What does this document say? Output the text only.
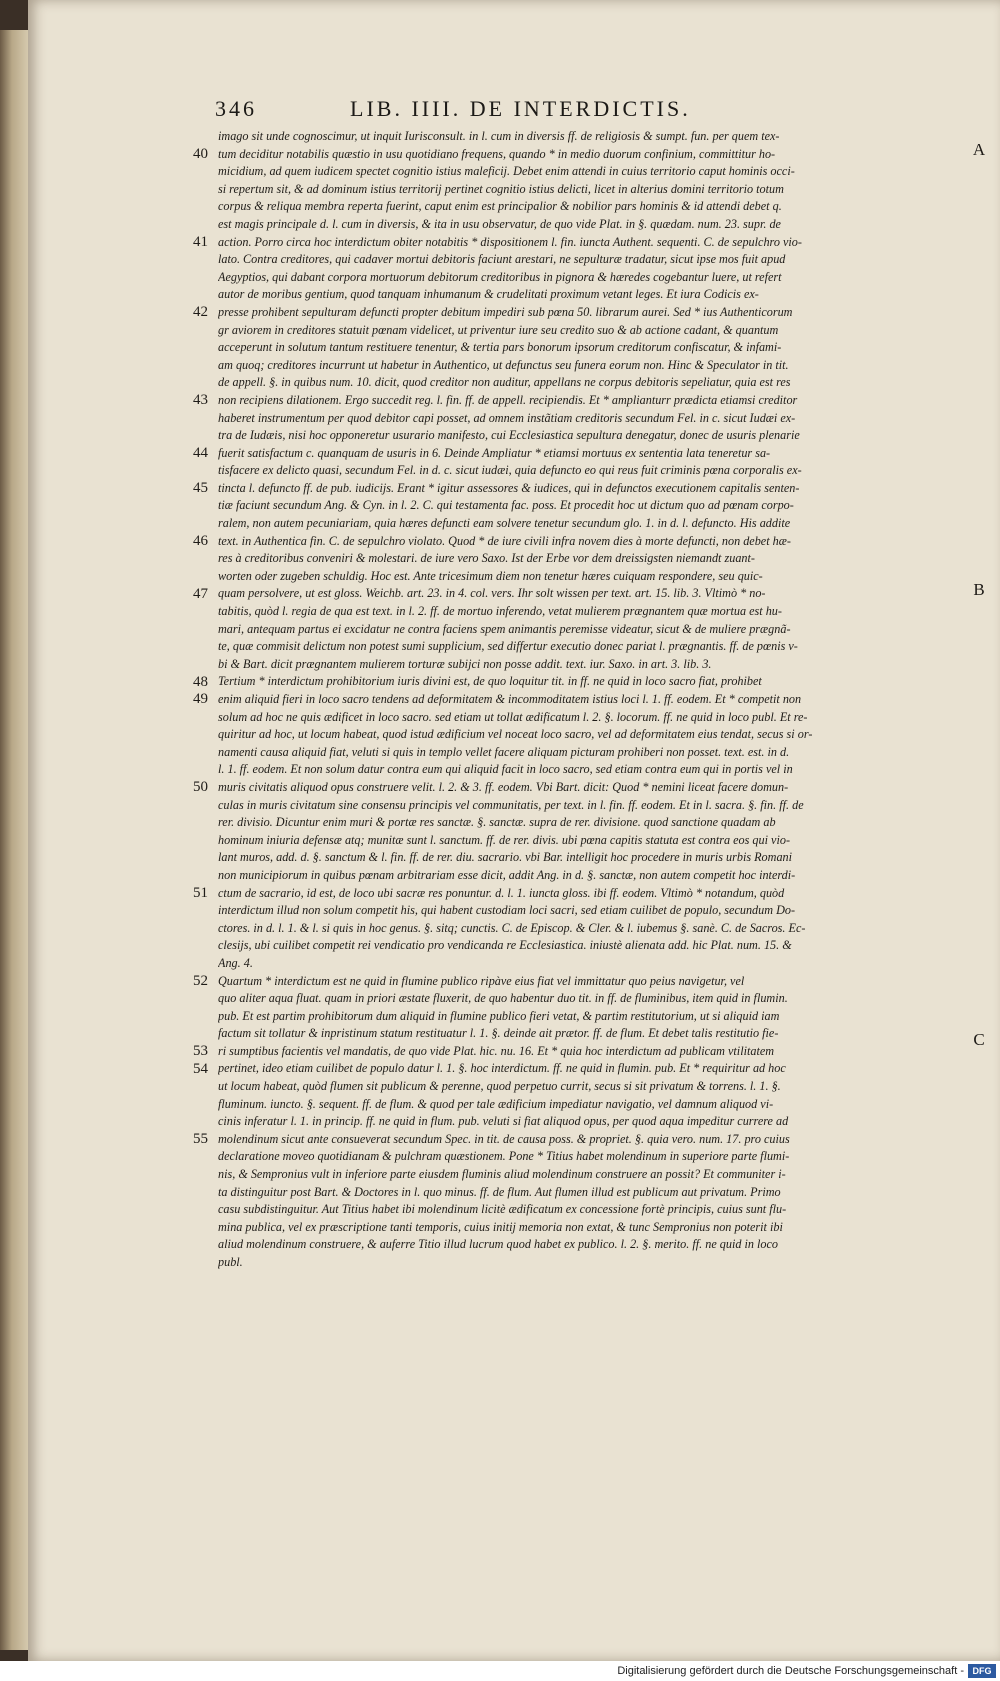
346	LIB. IIII. DE INTERDICTIS.
imago sit unde cognoscimur, ut inquit Iurisconsult. in l. cum in diversis ff. de religiosis & sumpt. fun. per quem tex-
tum deciditur notabilis quæstio in usu quotidiano frequens, quando * in medio duorum confinium, committitur ho-
micidium, ad quem iudicem spectet cognitio istius maleficij. Debet enim attendi in cuius territorio caput hominis occi-
si repertum sit, & ad dominum istius territorij pertinet cognitio istius delicti, licet in alterius domini territorio totum
corpus & reliqua membra reperta fuerint, caput enim est principalior & nobilior pars hominis & id attendi debet q.
est magis principale d. l. cum in diversis, & ita in usu observatur, de quo vide Plat. in §. quædam. num. 23. supr. de
action. Porro circa hoc interdictum obiter notabitis * dispositionem l. fin. iuncta Authent. sequenti. C. de sepulchro vio-
lato. Contra creditores, qui cadaver mortui debitoris faciunt arestari, ne sepulturæ tradatur, sicut ipse mos fuit apud
Aegyptios, qui dabant corpora mortuorum debitorum creditoribus in pignora & hæredes cogebantur luere, ut refert
autor de moribus gentium, quod tanquam inhumanum & crudelitati proximum vetant leges. Et iura Codicis ex-
presse prohibent sepulturam defuncti propter debitum impediri sub pœna 50. librarum aurei. Sed * ius Authenticorum
gr aviorem in creditores statuit pœnam videlicet, ut priventur iure seu credito suo & ab actione cadant, & quantum
acceperunt in solutum tantum restituere tenentur, & tertia pars bonorum ipsorum creditorum confiscatur, & infami-
am quoq; creditores incurrunt ut habetur in Authentico, ut defunctus seu funera eorum non. Hinc & Speculator in tit.
de appell. §. in quibus num. 10. dicit, quod creditor non auditur, appellans ne corpus debitoris sepeliatur, quia est res
non recipiens dilationem. Ergo succedit reg. l. fin. ff. de appell. recipiendis. Et * amplianturr prædicta etiamsi creditor
haberet instrumentum per quod debitor capi posset, ad omnem instãtiam creditoris secundum Fel. in c. sicut Iudæi ex-
tra de Iudæis, nisi hoc opponeretur usurario manifesto, cui Ecclesiastica sepultura denegatur, donec de usuris plenarie
fuerit satisfactum c. quanquam de usuris in 6. Deinde Ampliatur * etiamsi mortuus ex sententia lata teneretur sa-
tisfacere ex delicto quasi, secundum Fel. in d. c. sicut iudæi, quia defuncto eo qui reus fuit criminis pœna corporalis ex-
tincta l. defuncto ff. de pub. iudicijs. Erant * igitur assessores & iudices, qui in defunctos executionem capitalis senten-
tiæ faciunt secundum Ang. & Cyn. in l. 2. C. qui testamenta fac. poss. Et procedit hoc ut dictum quo ad pœnam corpo-
ralem, non autem pecuniariam, quia hæres defuncti eam solvere tenetur secundum glo. 1. in d. l. defuncto. His addite
text. in Authentica fin. C. de sepulchro violato. Quod * de iure civili infra novem dies à morte defuncti, non debet hæ-
res à creditoribus conveniri & molestari. de iure vero Saxo. Ist der Erbe vor dem dreissigsten niemandt zuant-
worten oder zugeben schuldig. Hoc est. Ante tricesimum diem non tenetur hæres cuiquam respondere, seu quic-
quam persolvere, ut est gloss. Weichb. art. 23. in 4. col. vers. Ihr solt wissen per text. art. 15. lib. 3. Vltimò * no-
tabitis, quòd l. regia de qua est text. in l. 2. ff. de mortuo inferendo, vetat mulierem prægnantem quæ mortua est hu-
mari, antequam partus ei excidatur ne contra faciens spem animantis peremisse videatur, sicut & de muliere prægnã-
te, quæ commisit delictum non potest sumi supplicium, sed differtur executio donec pariat l. prægnantis. ff. de pœnis v-
bi & Bart. dicit prægnantem mulierem torturæ subijci non posse addit. text. iur. Saxo. in art. 3. lib. 3.
Tertium * interdictum prohibitorium iuris divini est, de quo loquitur tit. in ff. ne quid in loco sacro fiat, prohibet
enim aliquid fieri in loco sacro tendens ad deformitatem & incommoditatem istius loci l. 1. ff. eodem. Et * competit non
solum ad hoc ne quis ædificet in loco sacro. sed etiam ut tollat ædificatum l. 2. §. locorum. ff. ne quid in loco publ. Et re-
quiritur ad hoc, ut locum habeat, quod istud ædificium vel noceat loco sacro, vel ad deformitatem eius tendat, secus si or-
namenti causa aliquid fiat, veluti si quis in templo vellet facere aliquam picturam prohiberi non posset. text. est. in d.
l. 1. ff. eodem. Et non solum datur contra eum qui aliquid facit in loco sacro, sed etiam contra eum qui in portis vel in
muris civitatis aliquod opus construere velit. l. 2. & 3. ff. eodem. Vbi Bart. dicit: Quod * nemini liceat facere domun-
culas in muris civitatum sine consensu principis vel communitatis, per text. in l. fin. ff. eodem. Et in l. sacra. §. fin. ff. de
rer. divisio. Dicuntur enim muri & portæ res sanctæ. §. sanctæ. supra de rer. divisione. quod sanctione quadam ab
hominum iniuria defensæ atq; munitæ sunt l. sanctum. ff. de rer. divis. ubi pœna capitis statuta est contra eos qui vio-
lant muros, add. d. §. sanctum & l. fin. ff. de rer. diu. sacrario. vbi Bar. intelligit hoc procedere in muris urbis Romani
non municipiorum in quibus pœnam arbitrariam esse dicit, addit Ang. in d. §. sanctæ, non autem competit hoc interdi-
ctum de sacrario, id est, de loco ubi sacræ res ponuntur. d. l. 1. iuncta gloss. ibi ff. eodem. Vltimò * notandum, quòd
interdictum illud non solum competit his, qui habent custodiam loci sacri, sed etiam cuilibet de populo, secundum Do-
ctores. in d. l. 1. & l. si quis in hoc genus. §. sitq; cunctis. C. de Episcop. & Cler. & l. iubemus §. sanè. C. de Sacros. Ec-
clesijs, ubi cuilibet competit rei vendicatio pro vendicanda re Ecclesiastica. iniustè alienata add. hic Plat. num. 15. &
Ang. 4.
Quartum * interdictum est ne quid in flumine publico ripàve eius fiat vel immittatur quo peius navigetur, vel
quo aliter aqua fluat. quam in priori æstate fluxerit, de quo habentur duo tit. in ff. de fluminibus, item quid in flumin.
pub. Et est partim prohibitorum dum aliquid in flumine publico fieri vetat, & partim restitutorium, ut si aliquid iam
factum sit tollatur & inpristinum statum restituatur l. 1. §. deinde ait prætor. ff. de flum. Et debet talis restitutio fie-
ri sumptibus facientis vel mandatis, de quo vide Plat. hic. nu. 16. Et * quia hoc interdictum ad publicam vtilitatem
pertinet, ideo etiam cuilibet de populo datur l. 1. §. hoc interdictum. ff. ne quid in flumin. pub. Et * requiritur ad hoc
ut locum habeat, quòd flumen sit publicum & perenne, quod perpetuo currit, secus si sit privatum & torrens. l. 1. §.
fluminum. iuncto. §. sequent. ff. de flum. & quod per tale ædificium impediatur navigatio, vel damnum aliquod vi-
cinis inferatur l. 1. in princip. ff. ne quid in flum. pub. veluti si fiat aliquod opus, per quod aqua impeditur currere ad
molendinum sicut ante consueverat secundum Spec. in tit. de causa poss. & propriet. §. quia vero. num. 17. pro cuius
declaratione moveo quotidianam & pulchram quæstionem. Pone * Titius habet molendinum in superiore parte flumi-
nis, & Sempronius vult in inferiore parte eiusdem fluminis aliud molendinum construere an possit? Et communiter i-
ta distinguitur post Bart. & Doctores in l. quo minus. ff. de flum. Aut flumen illud est publicum aut privatum. Primo
casu subdistinguitur. Aut Titius habet ibi molendinum licitè ædificatum ex concessione fortè principis, cuius sunt flu-
mina publica, vel ex præscriptione tanti temporis, cuius initij memoria non extat, & tunc Sempronius non poterit ibi
aliud molendinum construere, & auferre Titio illud lucrum quod habet ex publico. l. 2. §. merito. ff. ne quid in loco
publ.
40
41
42
43
44
45
46
47
48
49
50
51
52
53
54
55
A
B
C
Digitalisierung gefördert durch die Deutsche Forschungsgemeinschaft - DFG
